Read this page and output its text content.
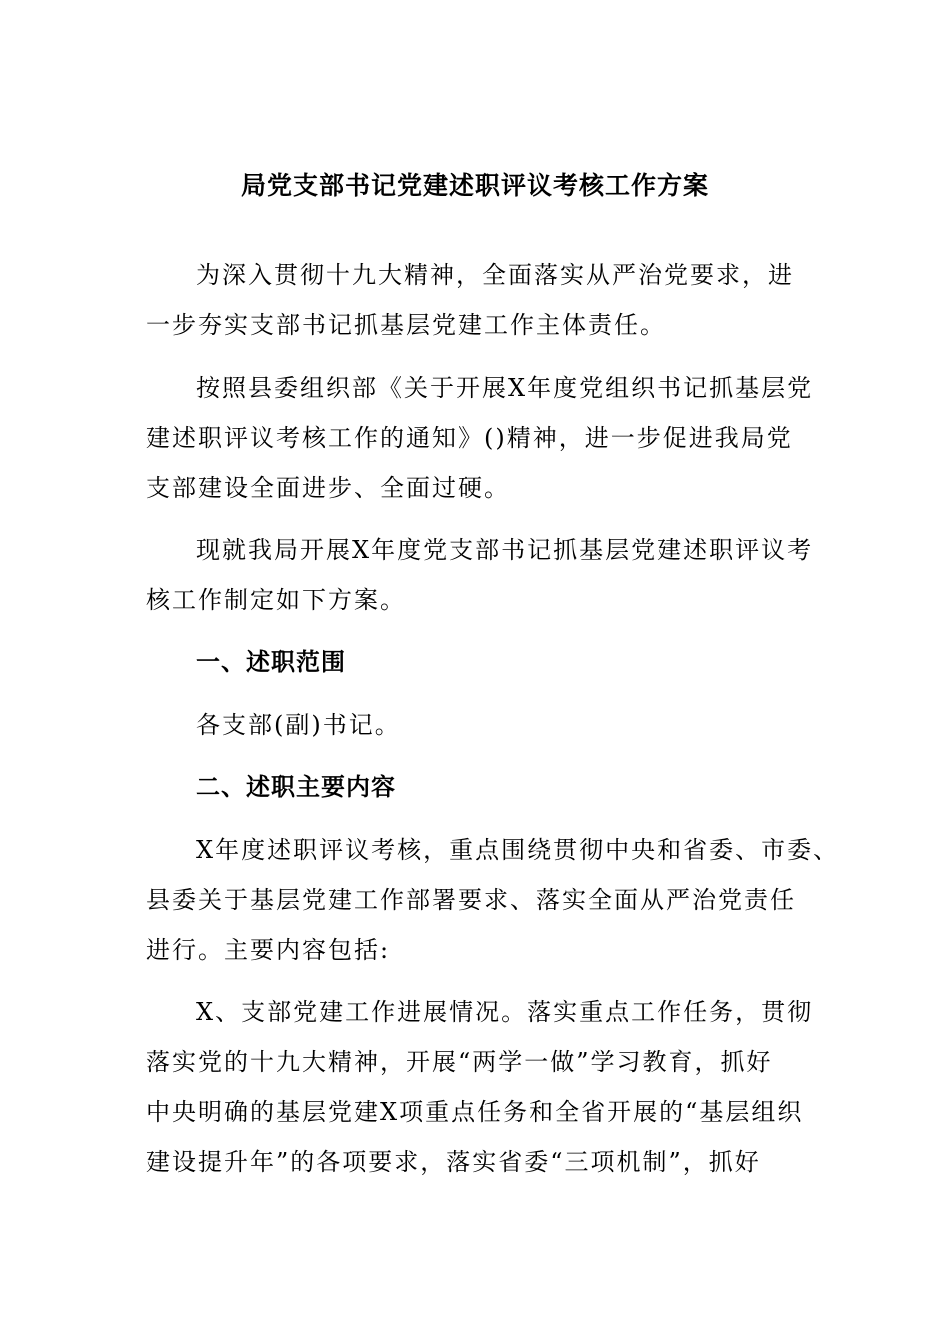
局党支部书记党建述职评议考核工作方案
为深入贯彻十九大精神，全面落实从严治党要求，进
一步夯实支部书记抓基层党建工作主体责任。
按照县委组织部《关于开展X年度党组织书记抓基层党
建述职评议考核工作的通知》()精神，进一步促进我局党
支部建设全面进步、全面过硬。
现就我局开展X年度党支部书记抓基层党建述职评议考
核工作制定如下方案。
一、述职范围
各支部(副)书记。
二、述职主要内容
X年度述职评议考核，重点围绕贯彻中央和省委、市委、
县委关于基层党建工作部署要求、落实全面从严治党责任
进行。主要内容包括:
X、支部党建工作进展情况。落实重点工作任务，贯彻
落实党的十九大精神，开展“两学一做”学习教育，抓好
中央明确的基层党建X项重点任务和全省开展的“基层组织
建设提升年”的各项要求，落实省委“三项机制”，抓好
